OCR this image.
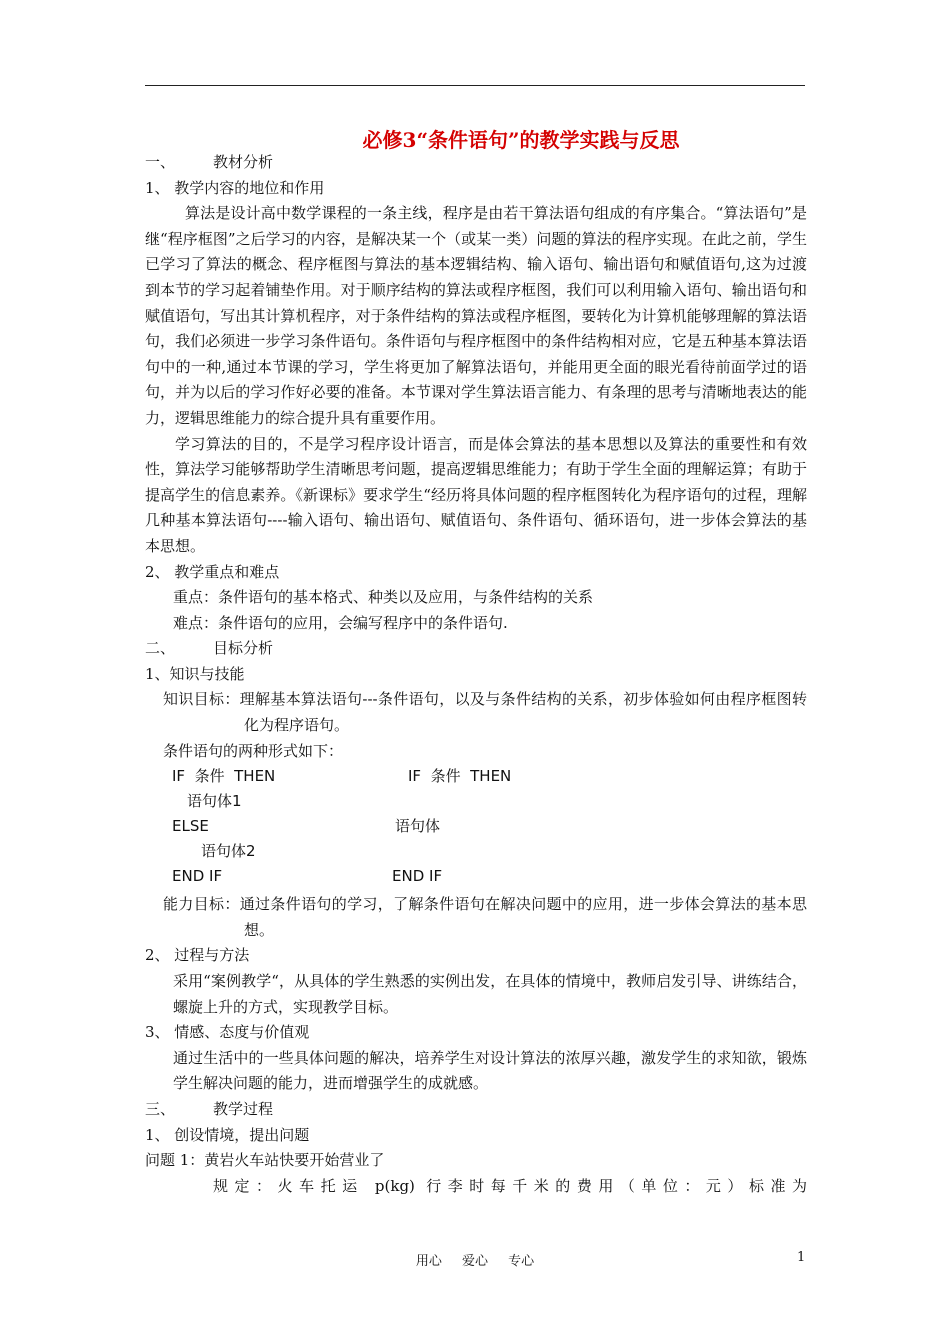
必修3“条件语句”的教学实践与反思
一、	教材分析

1、 教学内容的地位和作用

算法是设计高中数学课程的一条主线，程序是由若干算法语句组成的有序集合。“算法语句”是继“程序框图”之后学习的内容，是解决某一个（或某一类）问题的算法的程序实现。在此之前，学生已学习了算法的概念、程序框图与算法的基本逻辑结构、输入语句、输出语句和赋值语句,这为过渡到本节的学习起着铺垫作用。对于顺序结构的算法或程序框图，我们可以利用输入语句、输出语句和赋值语句，写出其计算机程序，对于条件结构的算法或程序框图，要转化为计算机能够理解的算法语句，我们必须进一步学习条件语句。条件语句与程序框图中的条件结构相对应，它是五种基本算法语句中的一种,通过本节课的学习，学生将更加了解算法语句，并能用更全面的眼光看待前面学过的语句，并为以后的学习作好必要的准备。本节课对学生算法语言能力、有条理的思考与清晰地表达的能力，逻辑思维能力的综合提升具有重要作用。

学习算法的目的，不是学习程序设计语言，而是体会算法的基本思想以及算法的重要性和有效性，算法学习能够帮助学生清晰思考问题，提高逻辑思维能力；有助于学生全面的理解运算；有助于提高学生的信息素养。《新课标》要求学生“经历将具体问题的程序框图转化为程序语句的过程，理解几种基本算法语句----输入语句、输出语句、赋值语句、条件语句、循环语句，进一步体会算法的基本思想。

2、 教学重点和难点

重点：条件语句的基本格式、种类以及应用，与条件结构的关系

难点：条件语句的应用，会编写程序中的条件语句.

二、	目标分析

1、知识与技能

知识目标：理解基本算法语句---条件语句，以及与条件结构的关系，初步体验如何由程序框图转化为程序语句。

条件语句的两种形式如下：

IF  条件  THEN	IF  条件  THEN
语句体1
ELSE	语句体
语句体2
END IF	END IF

能力目标：通过条件语句的学习，了解条件语句在解决问题中的应用，进一步体会算法的基本思想。

2、 过程与方法

采用“案例教学“，从具体的学生熟悉的实例出发，在具体的情境中，教师启发引导、讲练结合，螺旋上升的方式，实现教学目标。

3、 情感、态度与价值观

通过生活中的一些具体问题的解决，培养学生对设计算法的浓厚兴趣，激发学生的求知欲，锻炼学生解决问题的能力，进而增强学生的成就感。

三、	教学过程

1、 创设情境，提出问题

问题 1：黄岩火车站快要开始营业了

规定：火车托运 p(kg) 行李时每千米的费用（单位：元）标准为

用心 爱心 专心	1
